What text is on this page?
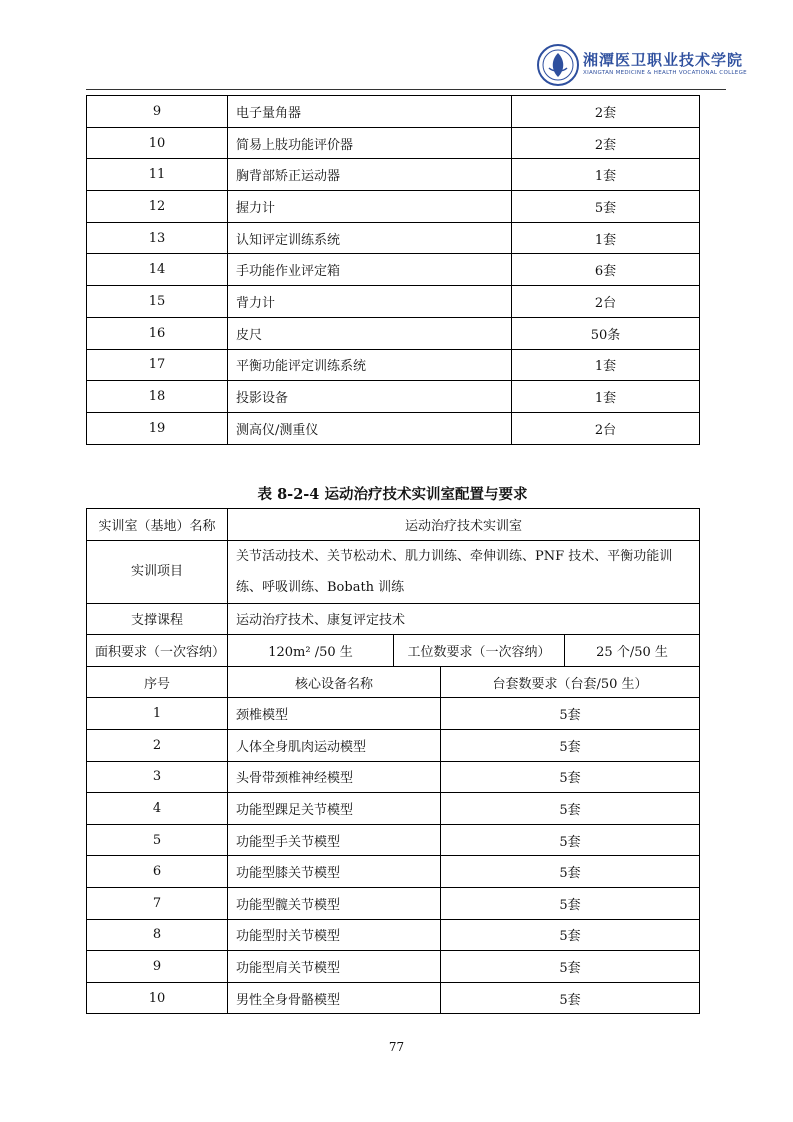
湘潭医卫职业技术学院
XIANGTAN MEDICINE & HEALTH VOCATIONAL COLLEGE
9	电子量角器	2套
10	简易上肢功能评价器	2套
11	胸背部矫正运动器	1套
12	握力计	5套
13	认知评定训练系统	1套
14	手功能作业评定箱	6套
15	背力计	2台
16	皮尺	50条
17	平衡功能评定训练系统	1套
18	投影设备	1套
19	测高仪/测重仪	2台
表 8-2-4 运动治疗技术实训室配置与要求
实训室（基地）名称	运动治疗技术实训室			
实训项目	关节活动技术、关节松动术、肌力训练、牵伸训练、PNF 技术、平衡功能训练、呼吸训练、Bobath 训练			
支撑课程	运动治疗技术、康复评定技术			
面积要求（一次容纳）	120m² /50 生	工位数要求（一次容纳）		25 个/50 生
序号	核心设备名称		台套数要求（台套/50 生）	
1	颈椎模型		5套	
2	人体全身肌肉运动模型		5套	
3	头骨带颈椎神经模型		5套	
4	功能型踝足关节模型		5套	
5	功能型手关节模型		5套	
6	功能型膝关节模型		5套	
7	功能型髋关节模型		5套	
8	功能型肘关节模型		5套	
9	功能型肩关节模型		5套	
10	男性全身骨骼模型		5套	
77
